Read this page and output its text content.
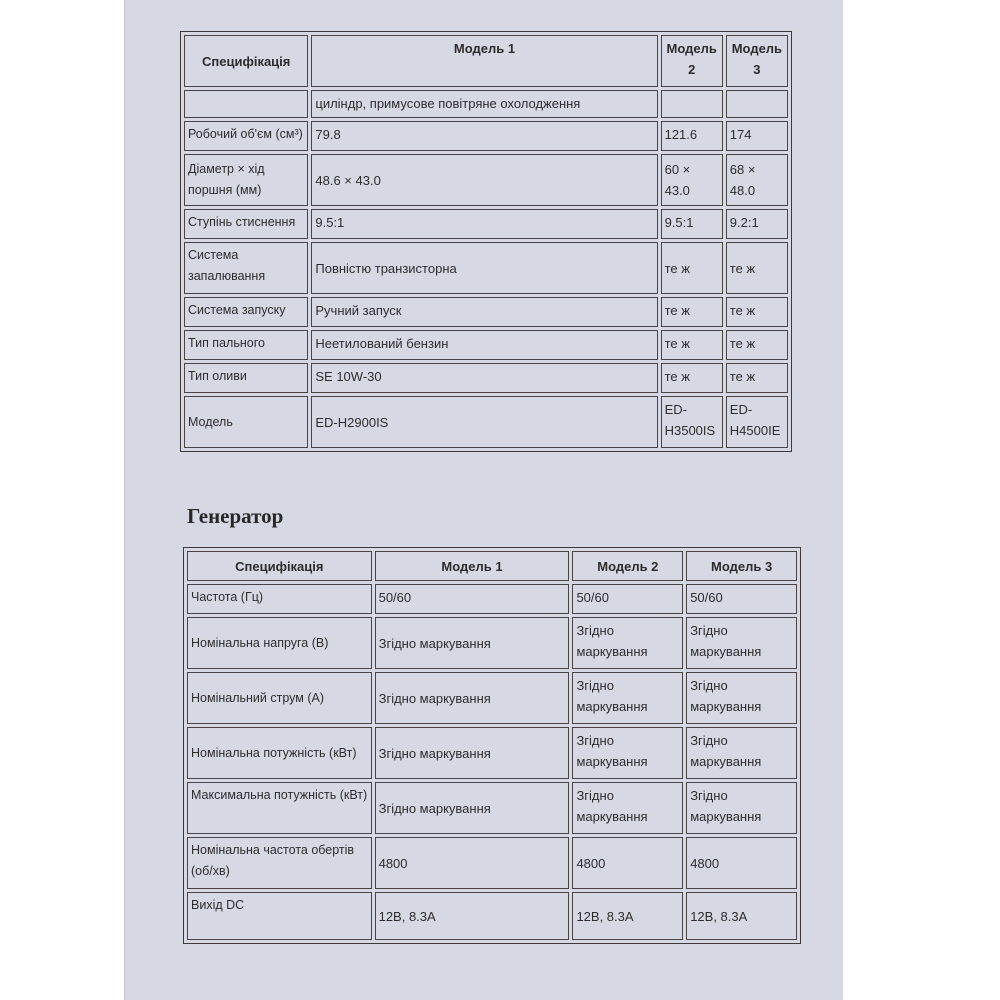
Специфікація	Модель 1	Модель 2	Модель 3
	циліндр, примусове повітряне охолодження		
Робочий об'єм (см³)	79.8	121.6	174
Діаметр × хід поршня (мм)	48.6 × 43.0	60 × 43.0	68 × 48.0
Ступінь стиснення	9.5:1	9.5:1	9.2:1
Система запалювання	Повністю транзисторна	те ж	те ж
Система запуску	Ручний запуск	те ж	те ж
Тип пального	Неетилований бензин	те ж	те ж
Тип оливи	SE 10W-30	те ж	те ж
Модель	ED-H2900IS	ED-H3500IS	ED-H4500IE
Генератор
Специфікація	Модель 1	Модель 2	Модель 3
Частота (Гц)	50/60	50/60	50/60
Номінальна напруга (В)	Згідно маркування	Згідно маркування	Згідно маркування
Номінальний струм (А)	Згідно маркування	Згідно маркування	Згідно маркування
Номінальна потужність (кВт)	Згідно маркування	Згідно маркування	Згідно маркування
Максимальна потужність (кВт)	Згідно маркування	Згідно маркування	Згідно маркування
Номінальна частота обертів (об/хв)	4800	4800	4800
Вихід DC	12В, 8.3А	12В, 8.3А	12В, 8.3А
